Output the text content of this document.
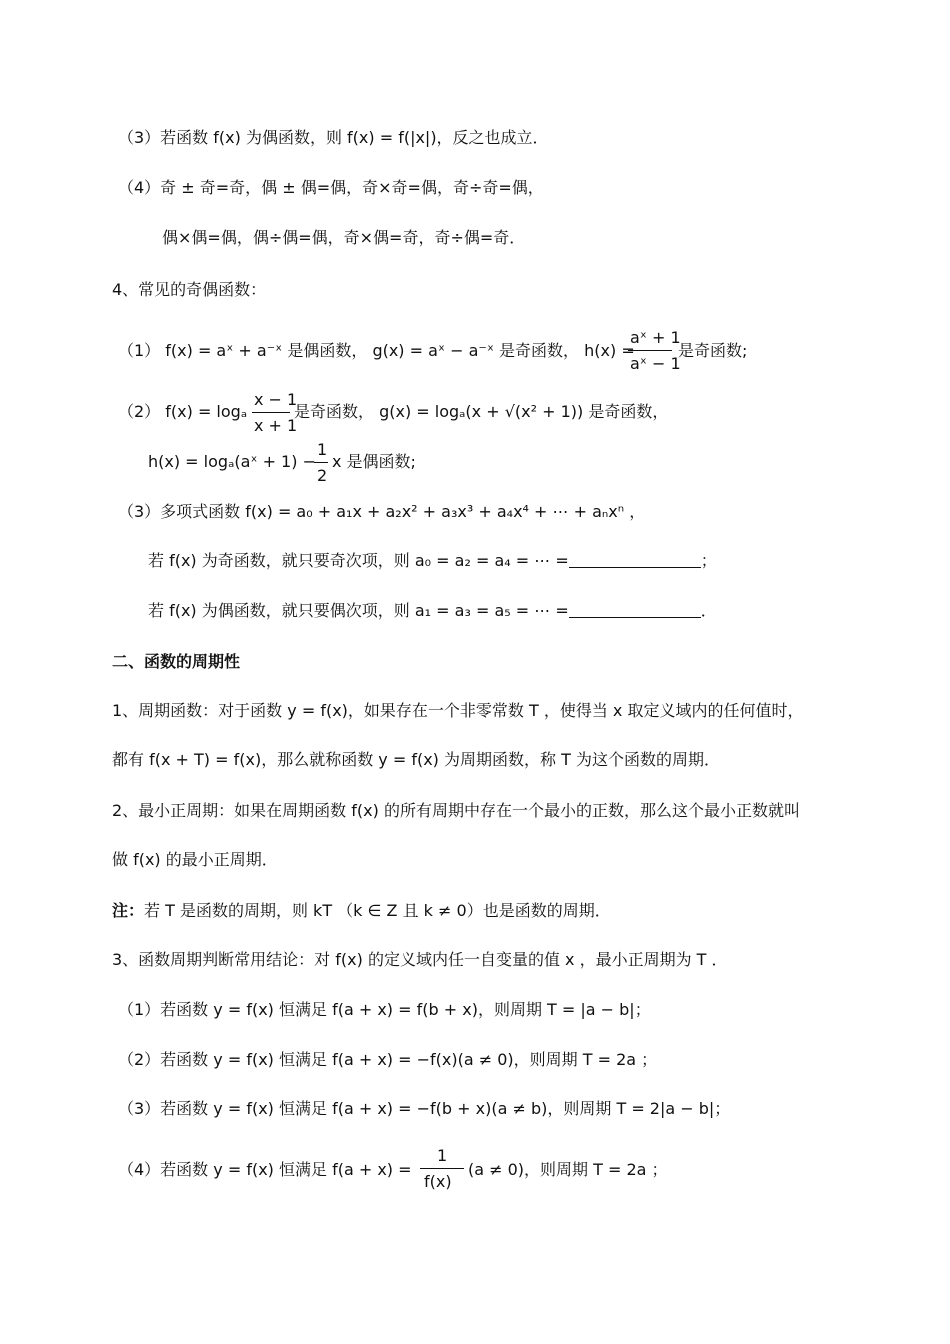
（3）若函数 f(x) 为偶函数，则 f(x) = f(|x|)，反之也成立．
（4）奇 ± 奇=奇，偶 ± 偶=偶，奇×奇=偶，奇÷奇=偶，
偶×偶=偶，偶÷偶=偶，奇×偶=奇，奇÷偶=奇．
4、常见的奇偶函数：
（1） f(x) = aˣ + a⁻ˣ 是偶函数， g(x) = aˣ − a⁻ˣ 是奇函数， h(x) =
aˣ + 1
aˣ − 1
是奇函数;
（2） f(x) = logₐ
x − 1
x + 1
是奇函数， g(x) = logₐ(x + √(x² + 1)) 是奇函数，
h(x) = logₐ(aˣ + 1) −
1
2
x 是偶函数;
（3）多项式函数 f(x) = a₀ + a₁x + a₂x² + a₃x³ + a₄x⁴ + ⋯ + aₙxⁿ ，
若 f(x) 为奇函数，就只要奇次项，则 a₀ = a₂ = a₄ = ⋯ =	；
若 f(x) 为偶函数，就只要偶次项，则 a₁ = a₃ = a₅ = ⋯ =	．
二、函数的周期性
1、周期函数：对于函数 y = f(x)，如果存在一个非零常数 T ，使得当 x 取定义域内的任何值时，
都有 f(x + T) = f(x)，那么就称函数 y = f(x) 为周期函数，称 T 为这个函数的周期．
2、最小正周期：如果在周期函数 f(x) 的所有周期中存在一个最小的正数，那么这个最小正数就叫
做 f(x) 的最小正周期．
注：若 T 是函数的周期，则 kT （k ∈ Z 且 k ≠ 0）也是函数的周期．
3、函数周期判断常用结论：对 f(x) 的定义域内任一自变量的值 x ，最小正周期为 T ．
（1）若函数 y = f(x) 恒满足 f(a + x) = f(b + x)，则周期 T = |a − b|；
（2）若函数 y = f(x) 恒满足 f(a + x) = −f(x)(a ≠ 0)，则周期 T = 2a ；
（3）若函数 y = f(x) 恒满足 f(a + x) = −f(b + x)(a ≠ b)，则周期 T = 2|a − b|；
（4）若函数 y = f(x) 恒满足 f(a + x) =
1
f(x)
(a ≠ 0)，则周期 T = 2a ；
